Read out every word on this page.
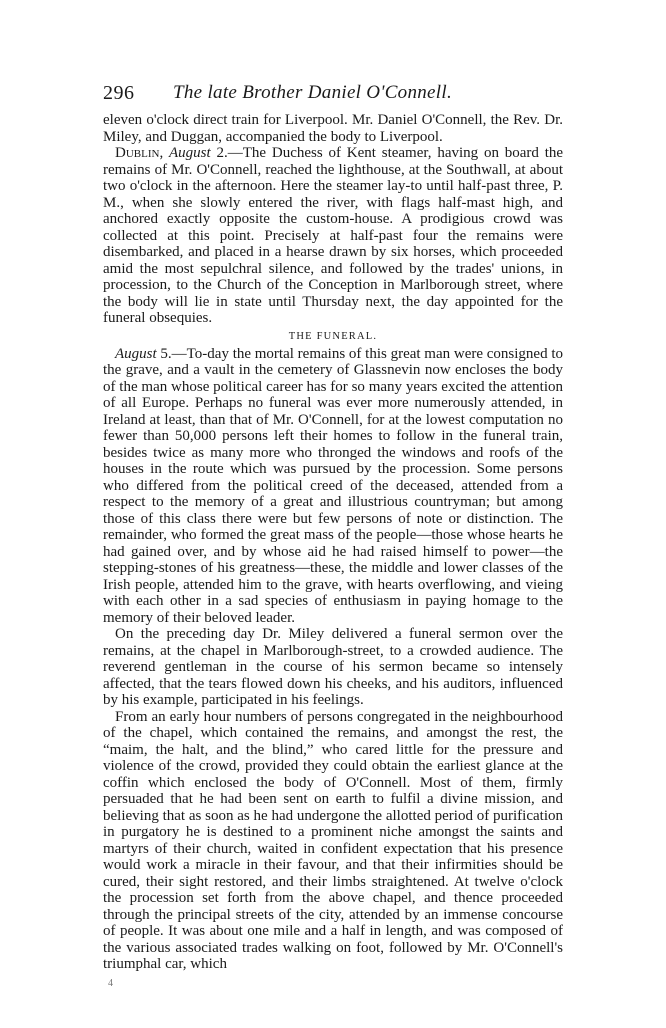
296 The late Brother Daniel O'Connell.

eleven o'clock direct train for Liverpool. Mr. Daniel O'Connell, the Rev. Dr. Miley, and Duggan, accompanied the body to Liverpool.

Dublin, August 2.—The Duchess of Kent steamer, having on board the remains of Mr. O'Connell, reached the lighthouse, at the Southwall, at about two o'clock in the afternoon. Here the steamer lay-to until half-past three, P. M., when she slowly entered the river, with flags half-mast high, and anchored exactly opposite the custom-house. A prodigious crowd was collected at this point. Precisely at half-past four the remains were disembarked, and placed in a hearse drawn by six horses, which proceeded amid the most sepulchral silence, and followed by the trades' unions, in procession, to the Church of the Conception in Marlborough street, where the body will lie in state until Thursday next, the day appointed for the funeral obsequies.

THE FUNERAL.

August 5.—To-day the mortal remains of this great man were consigned to the grave, and a vault in the cemetery of Glassnevin now encloses the body of the man whose political career has for so many years excited the attention of all Europe. Perhaps no funeral was ever more numerously attended, in Ireland at least, than that of Mr. O'Connell, for at the lowest computation no fewer than 50,000 persons left their homes to follow in the funeral train, besides twice as many more who thronged the windows and roofs of the houses in the route which was pursued by the procession. Some persons who differed from the political creed of the deceased, attended from a respect to the memory of a great and illustrious countryman; but among those of this class there were but few persons of note or distinction. The remainder, who formed the great mass of the people—those whose hearts he had gained over, and by whose aid he had raised himself to power—the stepping-stones of his greatness—these, the middle and lower classes of the Irish people, attended him to the grave, with hearts overflowing, and vieing with each other in a sad species of enthusiasm in paying homage to the memory of their beloved leader.

On the preceding day Dr. Miley delivered a funeral sermon over the remains, at the chapel in Marlborough-street, to a crowded audience. The reverend gentleman in the course of his sermon became so intensely affected, that the tears flowed down his cheeks, and his auditors, influenced by his example, participated in his feelings.

From an early hour numbers of persons congregated in the neighbourhood of the chapel, which contained the remains, and amongst the rest, the “maim, the halt, and the blind,” who cared little for the pressure and violence of the crowd, provided they could obtain the earliest glance at the coffin which enclosed the body of O'Connell. Most of them, firmly persuaded that he had been sent on earth to fulfil a divine mission, and believing that as soon as he had undergone the allotted period of purification in purgatory he is destined to a prominent niche amongst the saints and martyrs of their church, waited in confident expectation that his presence would work a miracle in their favour, and that their infirmities should be cured, their sight restored, and their limbs straightened. At twelve o'clock the procession set forth from the above chapel, and thence proceeded through the principal streets of the city, attended by an immense concourse of people. It was about one mile and a half in length, and was composed of the various associated trades walking on foot, followed by Mr. O'Connell's triumphal car, which

4
